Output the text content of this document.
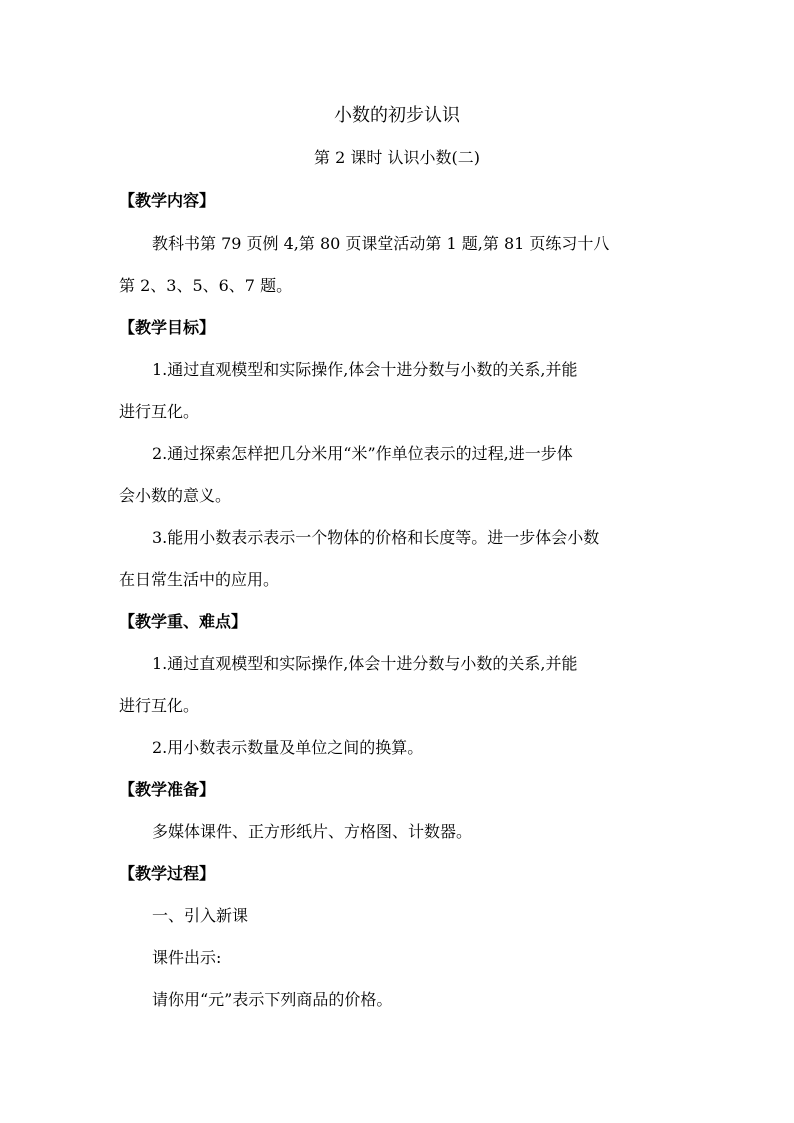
小数的初步认识
第 2 课时 认识小数(二)
【教学内容】
教科书第 79 页例 4,第 80 页课堂活动第 1 题,第 81 页练习十八
第 2、3、5、6、7 题。
【教学目标】
1.通过直观模型和实际操作,体会十进分数与小数的关系,并能
进行互化。
2.通过探索怎样把几分米用“米”作单位表示的过程,进一步体
会小数的意义。
3.能用小数表示表示一个物体的价格和长度等。进一步体会小数
在日常生活中的应用。
【教学重、难点】
1.通过直观模型和实际操作,体会十进分数与小数的关系,并能
进行互化。
2.用小数表示数量及单位之间的换算。
【教学准备】
多媒体课件、正方形纸片、方格图、计数器。
【教学过程】
一、引入新课
课件出示:
请你用“元”表示下列商品的价格。
